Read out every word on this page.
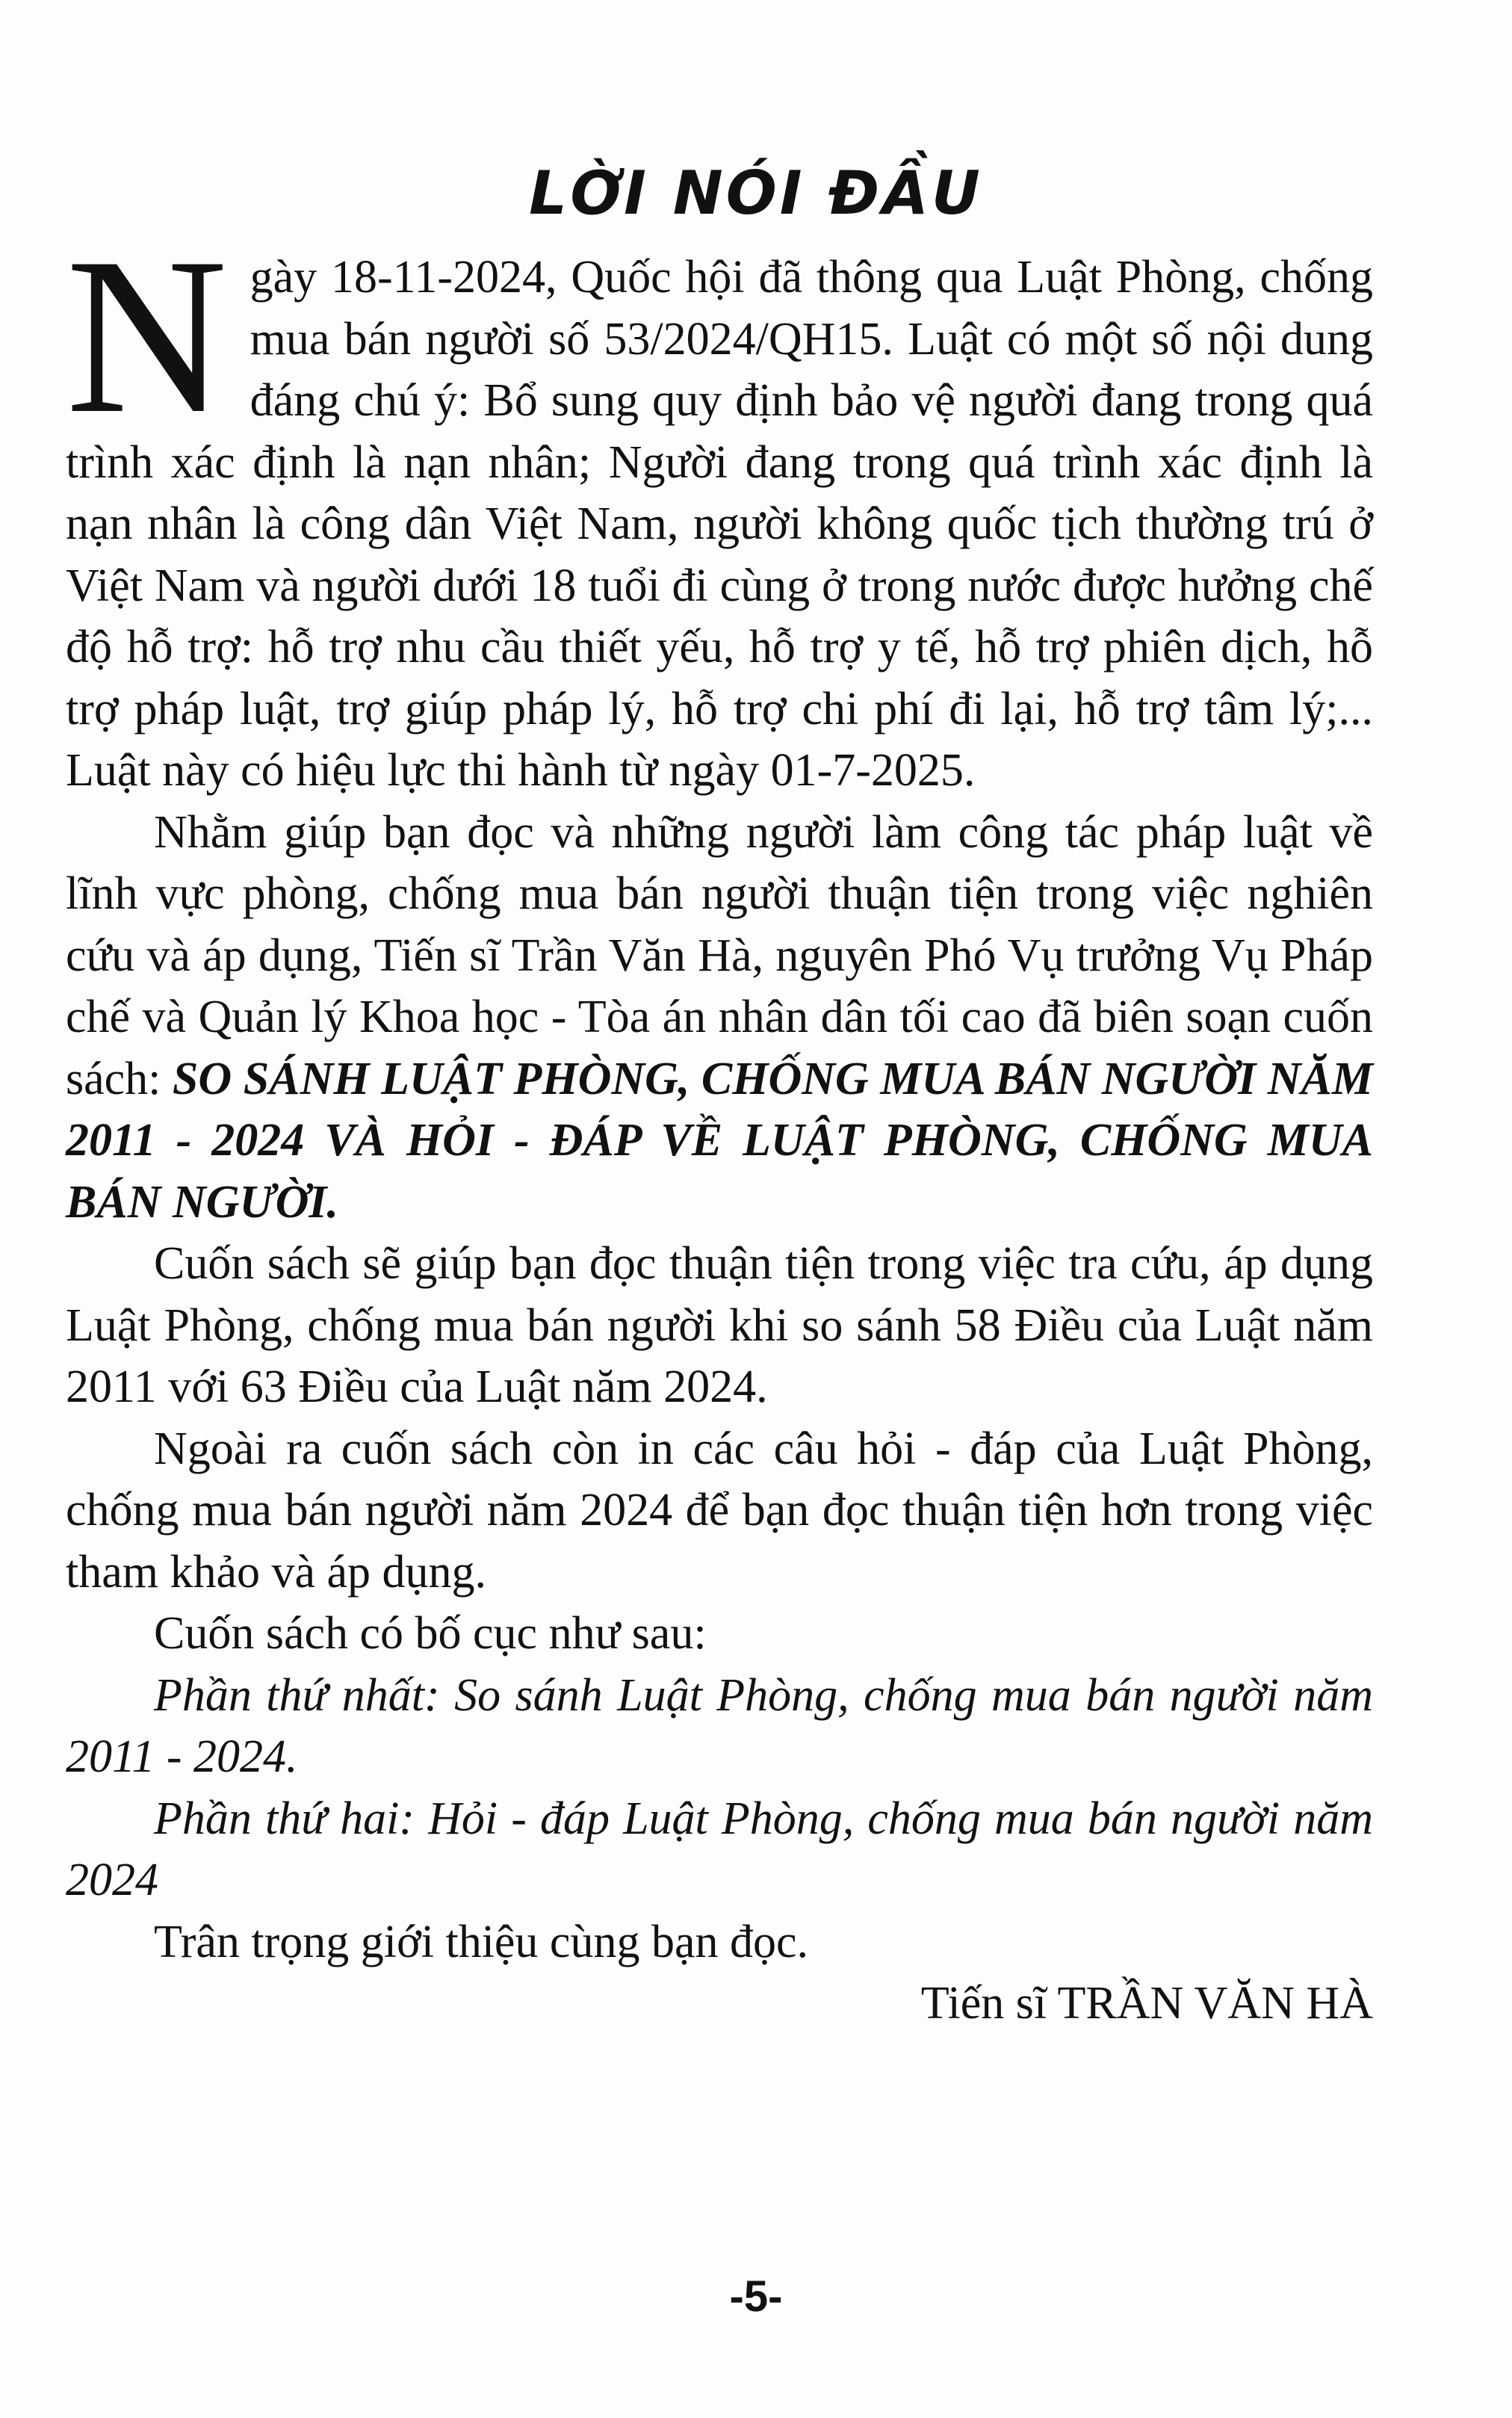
LỜI NÓI ĐẦU

Ngày 18-11-2024, Quốc hội đã thông qua Luật Phòng, chống mua bán người số 53/2024/QH15. Luật có một số nội dung đáng chú ý: Bổ sung quy định bảo vệ người đang trong quá trình xác định là nạn nhân; Người đang trong quá trình xác định là nạn nhân là công dân Việt Nam, người không quốc tịch thường trú ở Việt Nam và người dưới 18 tuổi đi cùng ở trong nước được hưởng chế độ hỗ trợ: hỗ trợ nhu cầu thiết yếu, hỗ trợ y tế, hỗ trợ phiên dịch, hỗ trợ pháp luật, trợ giúp pháp lý, hỗ trợ chi phí đi lại, hỗ trợ tâm lý;... Luật này có hiệu lực thi hành từ ngày 01-7-2025.

Nhằm giúp bạn đọc và những người làm công tác pháp luật về lĩnh vực phòng, chống mua bán người thuận tiện trong việc nghiên cứu và áp dụng, Tiến sĩ Trần Văn Hà, nguyên Phó Vụ trưởng Vụ Pháp chế và Quản lý Khoa học - Tòa án nhân dân tối cao đã biên soạn cuốn sách: SO SÁNH LUẬT PHÒNG, CHỐNG MUA BÁN NGƯỜI NĂM 2011 - 2024 VÀ HỎI - ĐÁP VỀ LUẬT PHÒNG, CHỐNG MUA BÁN NGƯỜI.

Cuốn sách sẽ giúp bạn đọc thuận tiện trong việc tra cứu, áp dụng Luật Phòng, chống mua bán người khi so sánh 58 Điều của Luật năm 2011 với 63 Điều của Luật năm 2024.

Ngoài ra cuốn sách còn in các câu hỏi - đáp của Luật Phòng, chống mua bán người năm 2024 để bạn đọc thuận tiện hơn trong việc tham khảo và áp dụng.

Cuốn sách có bố cục như sau:

Phần thứ nhất: So sánh Luật Phòng, chống mua bán người năm 2011 - 2024.

Phần thứ hai: Hỏi - đáp Luật Phòng, chống mua bán người năm 2024

Trân trọng giới thiệu cùng bạn đọc.

Tiến sĩ TRẦN VĂN HÀ

-5-
